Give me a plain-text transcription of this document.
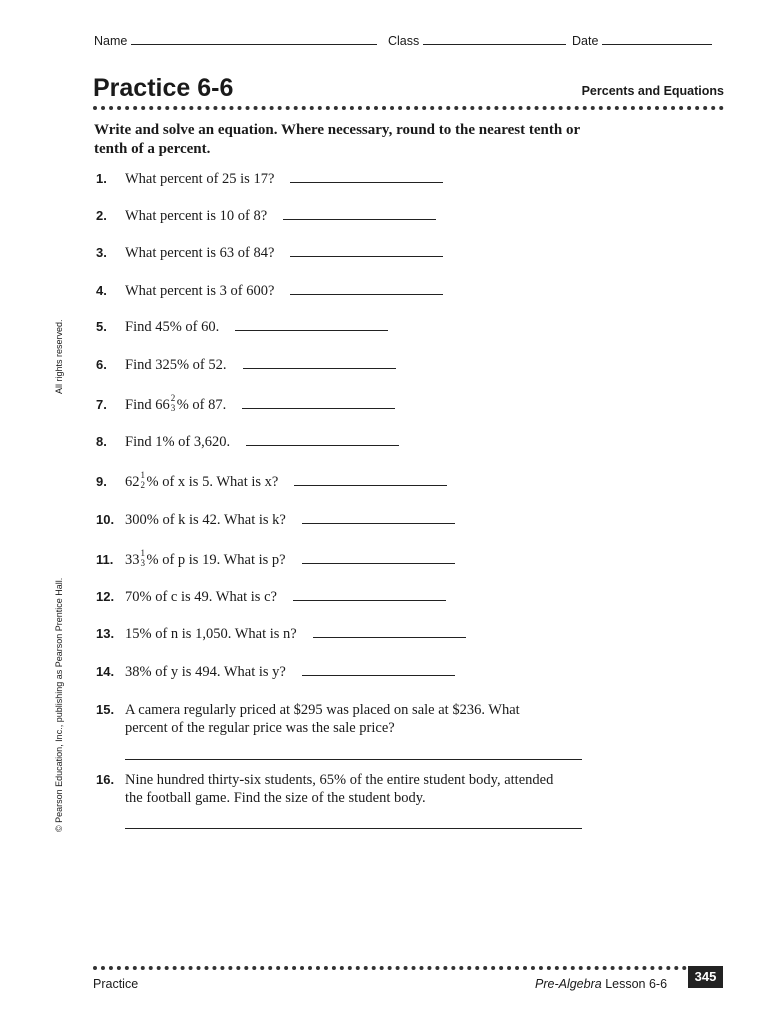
Name	Class	Date
Practice 6-6	Percents and Equations
Write and solve an equation. Where necessary, round to the nearest tenth or tenth of a percent.
1. What percent of 25 is 17?
2. What percent is 10 of 8?
3. What percent is 63 of 84?
4. What percent is 3 of 600?
5. Find 45% of 60.
6. Find 325% of 52.
7. Find 66 2
3 % of 87.
8. Find 1% of 3,620.
9. 62 1
2 % of x is 5. What is x?
10. 300% of k is 42. What is k?
11. 33 1
3 % of p is 19. What is p?
12. 70% of c is 49. What is c?
13. 15% of n is 1,050. What is n?
14. 38% of y is 494. What is y?
15. A camera regularly priced at $295 was placed on sale at $236. What percent of the regular price was the sale price?
16. Nine hundred thirty-six students, 65% of the entire student body, attended the football game. Find the size of the student body.
All rights reserved.
© Pearson Education, Inc., publishing as Pearson Prentice Hall.
Practice	Pre-Algebra Lesson 6-6	345
